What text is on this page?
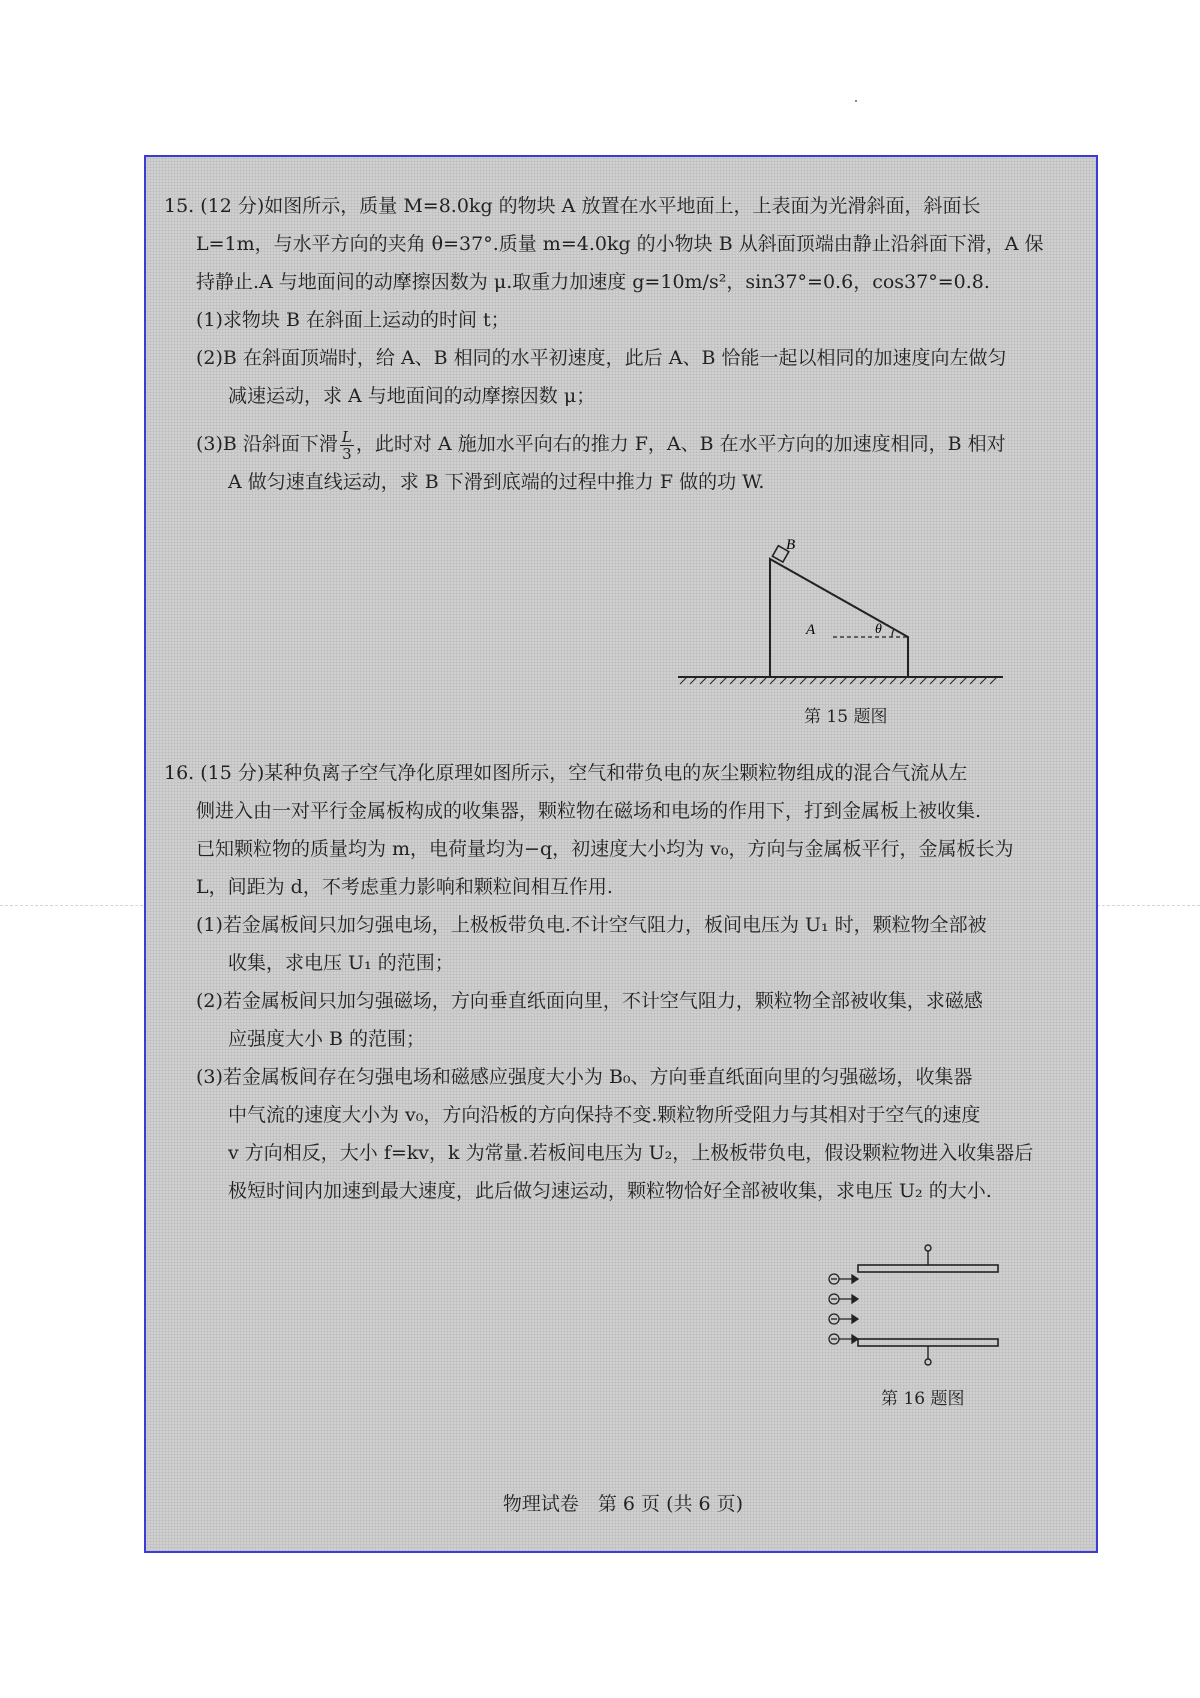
15. (12 分)如图所示，质量 M=8.0kg 的物块 A 放置在水平地面上，上表面为光滑斜面，斜面长

L=1m，与水平方向的夹角 θ=37°.质量 m=4.0kg 的小物块 B 从斜面顶端由静止沿斜面下滑，A 保

持静止.A 与地面间的动摩擦因数为 μ.取重力加速度 g=10m/s²，sin37°=0.6，cos37°=0.8.

(1)求物块 B 在斜面上运动的时间 t；

(2)B 在斜面顶端时，给 A、B 相同的水平初速度，此后 A、B 恰能一起以相同的加速度向左做匀

减速运动，求 A 与地面间的动摩擦因数 μ；

(3)B 沿斜面下滑 $\frac{L}{3}$ ，此时对 A 施加水平向右的推力 F，A、B 在水平方向的加速度相同，B 相对

A 做匀速直线运动，求 B 下滑到底端的过程中推力 F 做的功 W.

B
A	θ
第 15 题图

16. (15 分)某种负离子空气净化原理如图所示，空气和带负电的灰尘颗粒物组成的混合气流从左

侧进入由一对平行金属板构成的收集器，颗粒物在磁场和电场的作用下，打到金属板上被收集.

已知颗粒物的质量均为 m，电荷量均为−q，初速度大小均为 v₀，方向与金属板平行，金属板长为

L，间距为 d，不考虑重力影响和颗粒间相互作用.

(1)若金属板间只加匀强电场，上极板带负电.不计空气阻力，板间电压为 U₁ 时，颗粒物全部被

收集，求电压 U₁ 的范围；

(2)若金属板间只加匀强磁场，方向垂直纸面向里，不计空气阻力，颗粒物全部被收集，求磁感

应强度大小 B 的范围；

(3)若金属板间存在匀强电场和磁感应强度大小为 B₀、方向垂直纸面向里的匀强磁场，收集器

中气流的速度大小为 v₀，方向沿板的方向保持不变.颗粒物所受阻力与其相对于空气的速度

v 方向相反，大小 f=kv，k 为常量.若板间电压为 U₂，上极板带负电，假设颗粒物进入收集器后

极短时间内加速到最大速度，此后做匀速运动，颗粒物恰好全部被收集，求电压 U₂ 的大小.

第 16 题图
物理试卷　第 6 页 (共 6 页)
